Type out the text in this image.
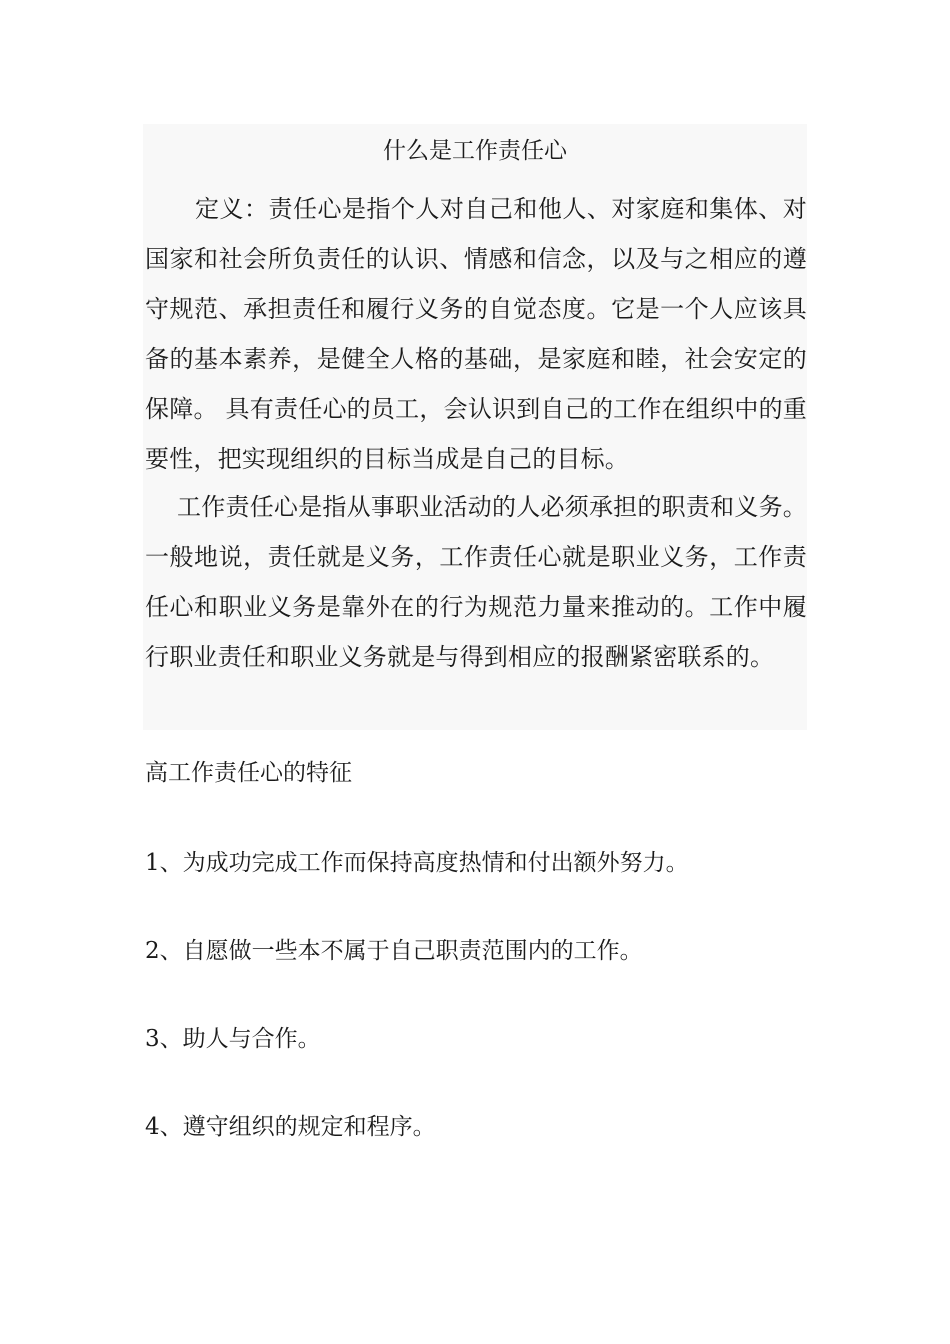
什么是工作责任心

定义：责任心是指个人对自己和他人、对家庭和集体、对国家和社会所负责任的认识、情感和信念，以及与之相应的遵守规范、承担责任和履行义务的自觉态度。它是一个人应该具备的基本素养，是健全人格的基础，是家庭和睦，社会安定的保障。 具有责任心的员工，会认识到自己的工作在组织中的重要性，把实现组织的目标当成是自己的目标。

工作责任心是指从事职业活动的人必须承担的职责和义务。一般地说，责任就是义务，工作责任心就是职业义务，工作责任心和职业义务是靠外在的行为规范力量来推动的。工作中履行职业责任和职业义务就是与得到相应的报酬紧密联系的。

高工作责任心的特征
1、为成功完成工作而保持高度热情和付出额外努力。
2、自愿做一些本不属于自己职责范围内的工作。
3、助人与合作。
4、遵守组织的规定和程序。
